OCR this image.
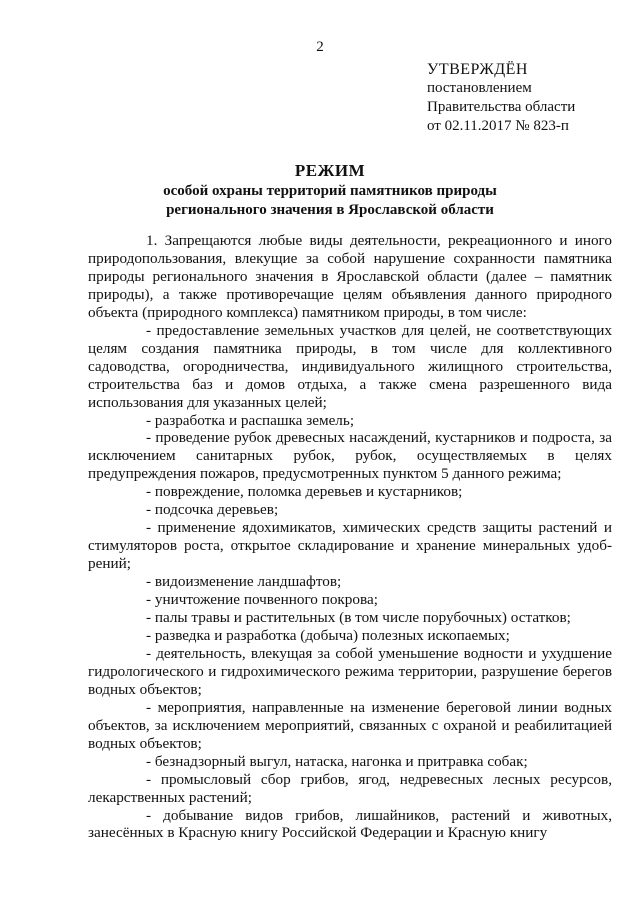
2
УТВЕРЖДЁН
постановлением
Правительства области
от 02.11.2017 № 823-п
РЕЖИМ
особой охраны территорий памятников природы
регионального значения в Ярославской области

1. Запрещаются любые виды деятельности, рекреационного и иного природопользования, влекущие за собой нарушение сохранности памятника природы регионального значения в Ярославской области (далее – памятник природы), а также противоречащие целям объявления данного природного объекта (природного комплекса) памятником природы, в том числе:

- предоставление земельных участков для целей, не соответствующих целям создания памятника природы, в том числе для коллективного садоводства, огородничества, индивидуального жилищного строительства, строительства баз и домов отдыха, а также смена разрешенного вида использования для указанных целей;

- разработка и распашка земель;

- проведение рубок древесных насаждений, кустарников и подроста, за исключением санитарных рубок, рубок, осуществляемых в целях предупреждения пожаров, предусмотренных пунктом 5 данного режима;

- повреждение, поломка деревьев и кустарников;

- подсочка деревьев;

- применение ядохимикатов, химических средств защиты растений и стимуляторов роста, открытое складирование и хранение минеральных удобрений;

- видоизменение ландшафтов;

- уничтожение почвенного покрова;

- палы травы и растительных (в том числе порубочных) остатков;

- разведка и разработка (добыча) полезных ископаемых;

- деятельность, влекущая за собой уменьшение водности и ухудшение гидрологического и гидрохимического режима территории, разрушение берегов водных объектов;

- мероприятия, направленные на изменение береговой линии водных объектов, за исключением мероприятий, связанных с охраной и реабилитацией водных объектов;

- безнадзорный выгул, натаска, нагонка и притравка собак;

- промысловый сбор грибов, ягод, недревесных лесных ресурсов, лекарственных растений;

- добывание видов грибов, лишайников, растений и животных, занесённых в Красную книгу Российской Федерации и Красную книгу
